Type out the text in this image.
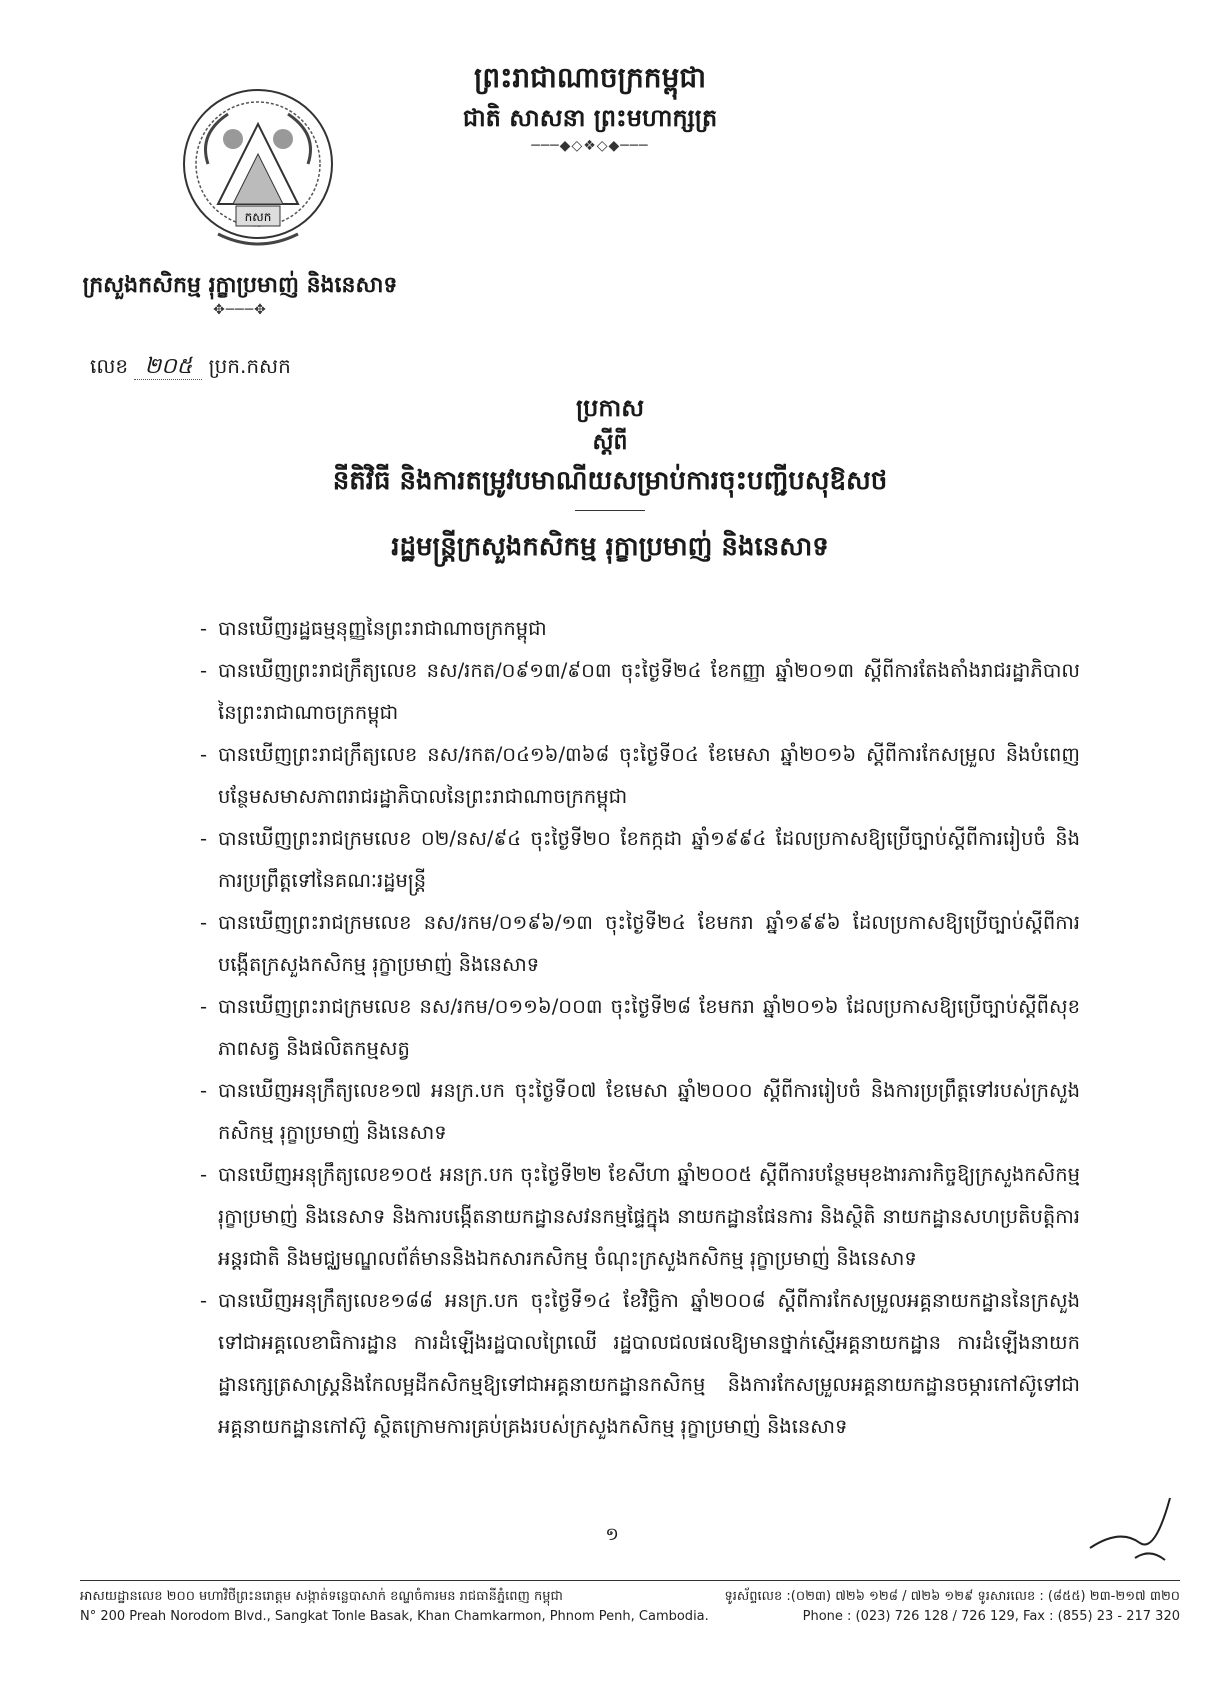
កសក
ព្រះរាជាណាចក្រកម្ពុជា
ជាតិ សាសនា ព្រះមហាក្សត្រ
───◆◇❖◇◆───
ក្រសួងកសិកម្ម រុក្ខាប្រមាញ់ និងនេសាទ
✥───✥
លេខ ២០៥ ប្រក.កសក
ប្រកាស
ស្តីពី
នីតិវិធី និងការតម្រូវបមាណីយសម្រាប់ការចុះបញ្ជីបសុឱសថ
រដ្ឋមន្ត្រីក្រសួងកសិកម្ម រុក្ខាប្រមាញ់ និងនេសាទ
- បានឃើញរដ្ឋធម្មនុញ្ញនៃព្រះរាជាណាចក្រកម្ពុជា
- បានឃើញព្រះរាជក្រឹត្យលេខ នស/រកត/០៩១៣/៩០៣ ចុះថ្ងៃទី២៤ ខែកញ្ញា ឆ្នាំ២០១៣ ស្តីពីការតែងតាំងរាជរដ្ឋាភិបាលនៃព្រះរាជាណាចក្រកម្ពុជា
- បានឃើញព្រះរាជក្រឹត្យលេខ នស/រកត/០៤១៦/៣៦៨ ចុះថ្ងៃទី០៤ ខែមេសា ឆ្នាំ២០១៦ ស្តីពីការកែសម្រួល និងបំពេញបន្ថែមសមាសភាពរាជរដ្ឋាភិបាលនៃព្រះរាជាណាចក្រកម្ពុជា
- បានឃើញព្រះរាជក្រមលេខ ០២/នស/៩៤ ចុះថ្ងៃទី២០ ខែកក្កដា ឆ្នាំ១៩៩៤ ដែលប្រកាសឱ្យប្រើច្បាប់ស្តីពីការរៀបចំ និងការប្រព្រឹត្តទៅនៃគណៈរដ្ឋមន្ត្រី
- បានឃើញព្រះរាជក្រមលេខ នស/រកម/០១៩៦/១៣ ចុះថ្ងៃទី២៤ ខែមករា ឆ្នាំ១៩៩៦ ដែលប្រកាសឱ្យប្រើច្បាប់ស្តីពីការបង្កើតក្រសួងកសិកម្ម រុក្ខាប្រមាញ់ និងនេសាទ
- បានឃើញព្រះរាជក្រមលេខ នស/រកម/០១១៦/០០៣ ចុះថ្ងៃទី២៨ ខែមករា ឆ្នាំ២០១៦ ដែលប្រកាសឱ្យប្រើច្បាប់ស្តីពីសុខភាពសត្វ និងផលិតកម្មសត្វ
- បានឃើញអនុក្រឹត្យលេខ១៧ អនក្រ.បក ចុះថ្ងៃទី០៧ ខែមេសា ឆ្នាំ២០០០ ស្តីពីការរៀបចំ និងការប្រព្រឹត្តទៅរបស់ក្រសួងកសិកម្ម រុក្ខាប្រមាញ់ និងនេសាទ
- បានឃើញអនុក្រឹត្យលេខ១០៥ អនក្រ.បក ចុះថ្ងៃទី២២ ខែសីហា ឆ្នាំ២០០៥ ស្តីពីការបន្ថែមមុខងារភារកិច្ចឱ្យក្រសួងកសិកម្ម រុក្ខាប្រមាញ់ និងនេសាទ និងការបង្កើតនាយកដ្ឋានសវនកម្មផ្ទៃក្នុង នាយកដ្ឋានផែនការ និងស្ថិតិ នាយកដ្ឋានសហប្រតិបត្តិការអន្តរជាតិ និងមជ្ឈមណ្ឌលព័ត៌មាននិងឯកសារកសិកម្ម ចំណុះក្រសួងកសិកម្ម រុក្ខាប្រមាញ់ និងនេសាទ
- បានឃើញអនុក្រឹត្យលេខ១៨៨ អនក្រ.បក ចុះថ្ងៃទី១៤ ខែវិច្ឆិកា ឆ្នាំ២០០៨ ស្តីពីការកែសម្រួលអគ្គនាយកដ្ឋាននៃក្រសួងទៅជាអគ្គលេខាធិការដ្ឋាន ការដំឡើងរដ្ឋបាលព្រៃឈើ រដ្ឋបាលជលផលឱ្យមានថ្នាក់ស្មើអគ្គនាយកដ្ឋាន ការដំឡើងនាយកដ្ឋានក្សេត្រសាស្ត្រនិងកែលម្អដីកសិកម្មឱ្យទៅជាអគ្គនាយកដ្ឋានកសិកម្ម និងការកែសម្រួលអគ្គនាយកដ្ឋានចម្ការកៅស៊ូទៅជាអគ្គនាយកដ្ឋានកៅស៊ូ ស្ថិតក្រោមការគ្រប់គ្រងរបស់ក្រសួងកសិកម្ម រុក្ខាប្រមាញ់ និងនេសាទ
១
អាសយដ្ឋានលេខ ២០០ មហាវិថីព្រះនរោត្តម សង្កាត់ទន្លេបាសាក់ ខណ្ឌចំការមន រាជធានីភ្នំពេញ កម្ពុជា	ទូរស័ព្ទលេខ :(០២៣) ៧២៦ ១២៨ / ៧២៦ ១២៩ ទូរសារលេខ : (៨៥៥) ២៣-២១៧ ៣២០
N° 200 Preah Norodom Blvd., Sangkat Tonle Basak, Khan Chamkarmon, Phnom Penh, Cambodia.	Phone : (023) 726 128 / 726 129, Fax : (855) 23 - 217 320
